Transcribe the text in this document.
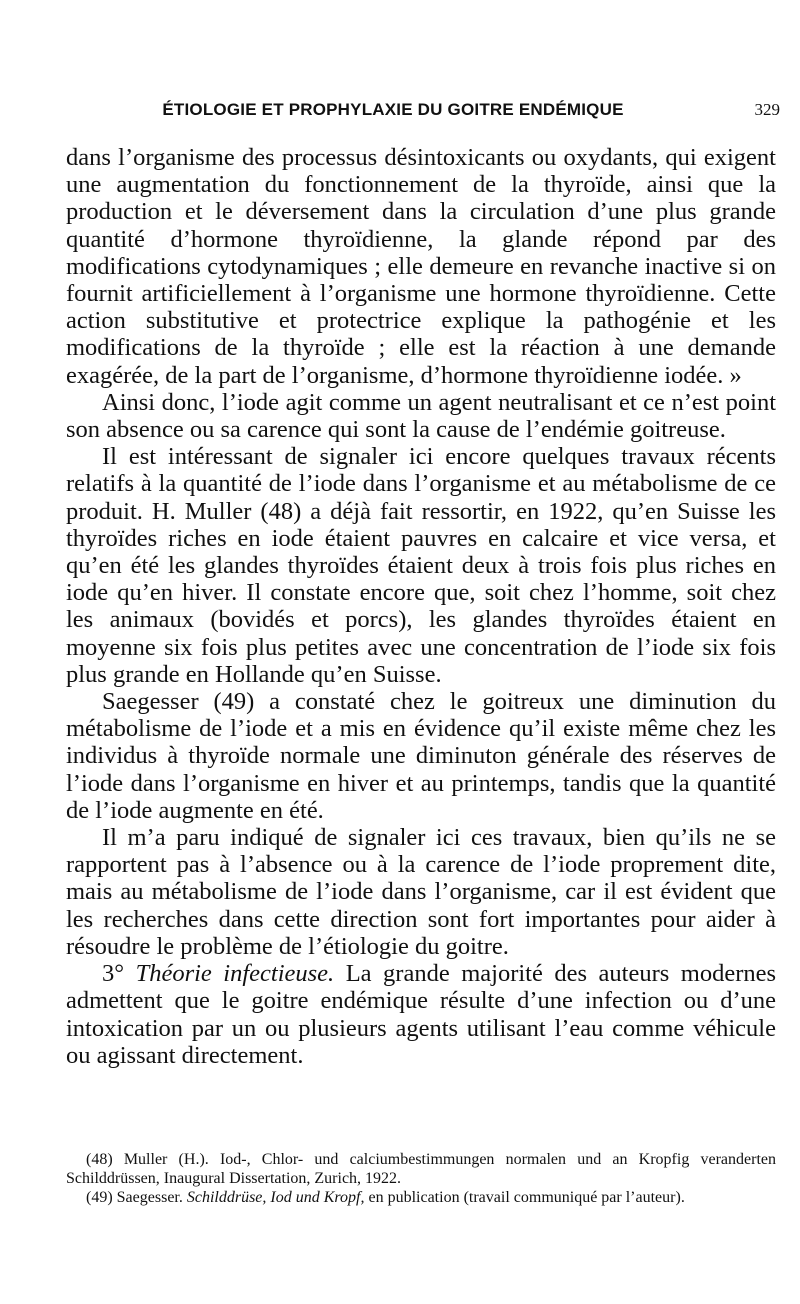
ÉTIOLOGIE ET PROPHYLAXIE DU GOITRE ENDÉMIQUE	329

dans l’organisme des processus désintoxicants ou oxydants, qui exigent une augmentation du fonctionnement de la thyroïde, ainsi que la production et le déversement dans la circulation d’une plus grande quantité d’hormone thyroïdienne, la glande répond par des modifications cytodynamiques ; elle demeure en revanche inactive si on fournit artificiellement à l’organisme une hormone thyroïdienne. Cette action substitutive et protectrice explique la pathogénie et les modifications de la thyroïde ; elle est la réaction à une demande exagérée, de la part de l’organisme, d’hormone thyroïdienne iodée. »

Ainsi donc, l’iode agit comme un agent neutralisant et ce n’est point son absence ou sa carence qui sont la cause de l’endémie goitreuse.

Il est intéressant de signaler ici encore quelques travaux récents relatifs à la quantité de l’iode dans l’organisme et au métabolisme de ce produit. H. Muller (48) a déjà fait ressortir, en 1922, qu’en Suisse les thyroïdes riches en iode étaient pauvres en calcaire et vice versa, et qu’en été les glandes thyroïdes étaient deux à trois fois plus riches en iode qu’en hiver. Il constate encore que, soit chez l’homme, soit chez les animaux (bovidés et porcs), les glandes thyroïdes étaient en moyenne six fois plus petites avec une concentration de l’iode six fois plus grande en Hollande qu’en Suisse.

Saegesser (49) a constaté chez le goitreux une diminution du métabolisme de l’iode et a mis en évidence qu’il existe même chez les individus à thyroïde normale une diminuton générale des réserves de l’iode dans l’organisme en hiver et au printemps, tandis que la quantité de l’iode augmente en été.

Il m’a paru indiqué de signaler ici ces travaux, bien qu’ils ne se rapportent pas à l’absence ou à la carence de l’iode proprement dite, mais au métabolisme de l’iode dans l’organisme, car il est évident que les recherches dans cette direction sont fort importantes pour aider à résoudre le problème de l’étiologie du goitre.

3° Théorie infectieuse. La grande majorité des auteurs modernes admettent que le goitre endémique résulte d’une infection ou d’une intoxication par un ou plusieurs agents utilisant l’eau comme véhicule ou agissant directement.

(48) Muller (H.). Iod-, Chlor- und calciumbestimmungen normalen und an Kropfig veranderten Schilddrüssen, Inaugural Dissertation, Zurich, 1922.

(49) Saegesser. Schilddrüse, Iod und Kropf, en publication (travail communiqué par l’auteur).
